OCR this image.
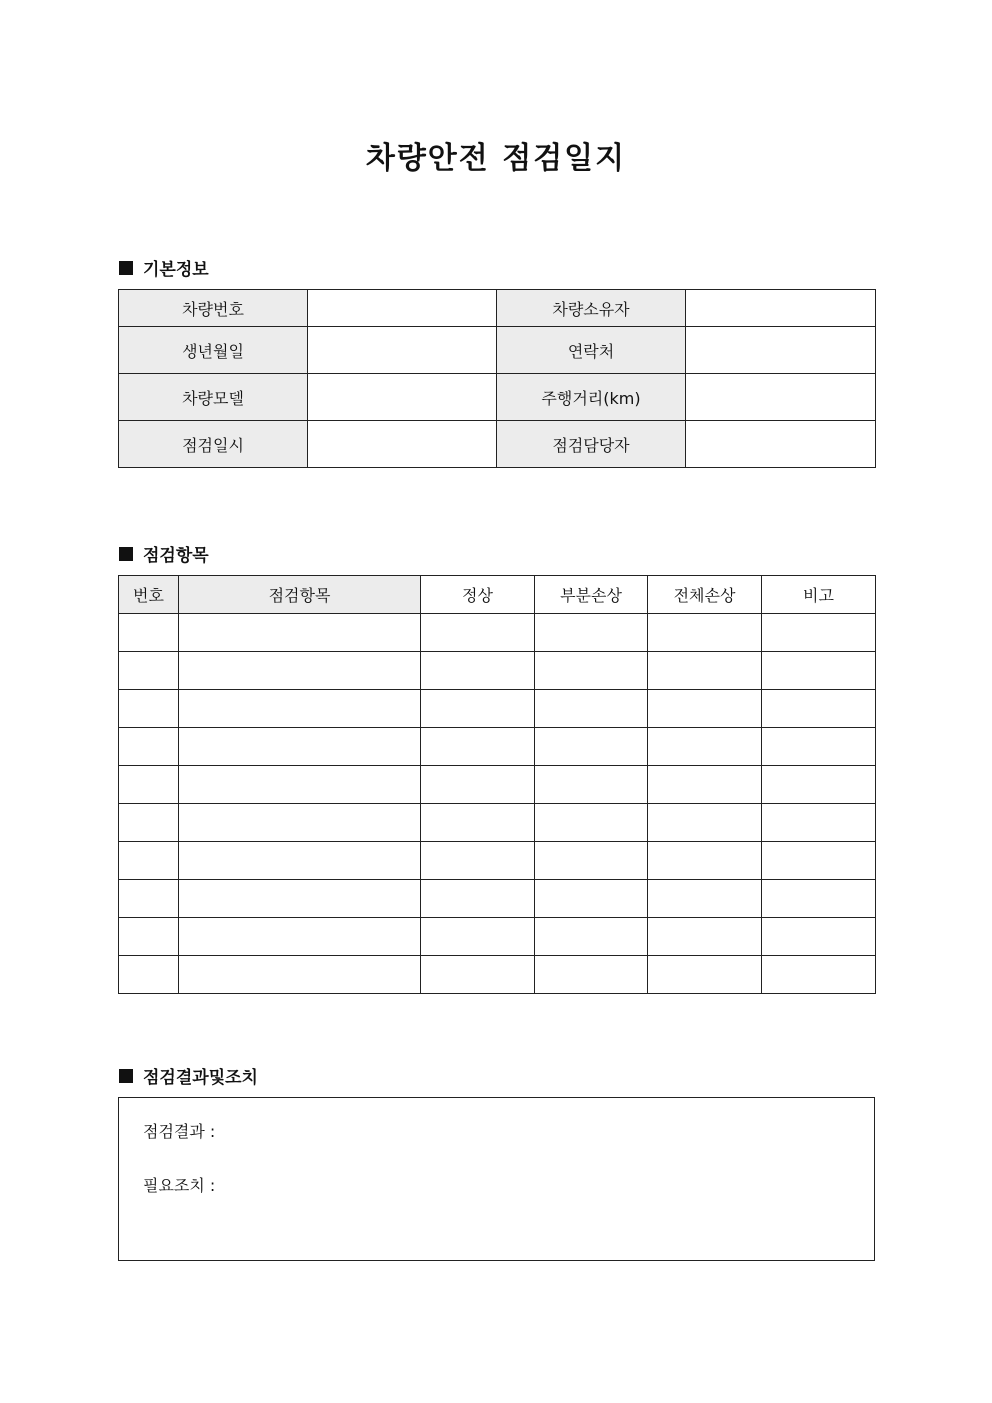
차량안전 점검일지
기본정보
차량번호		차량소유자	
생년월일		연락처	
차량모델		주행거리(km)	
점검일시		점검담당자	
점검항목
번호	점검항목	정상	부분손상	전체손상	비고

점검결과및조치
점검결과 :
필요조치 :
